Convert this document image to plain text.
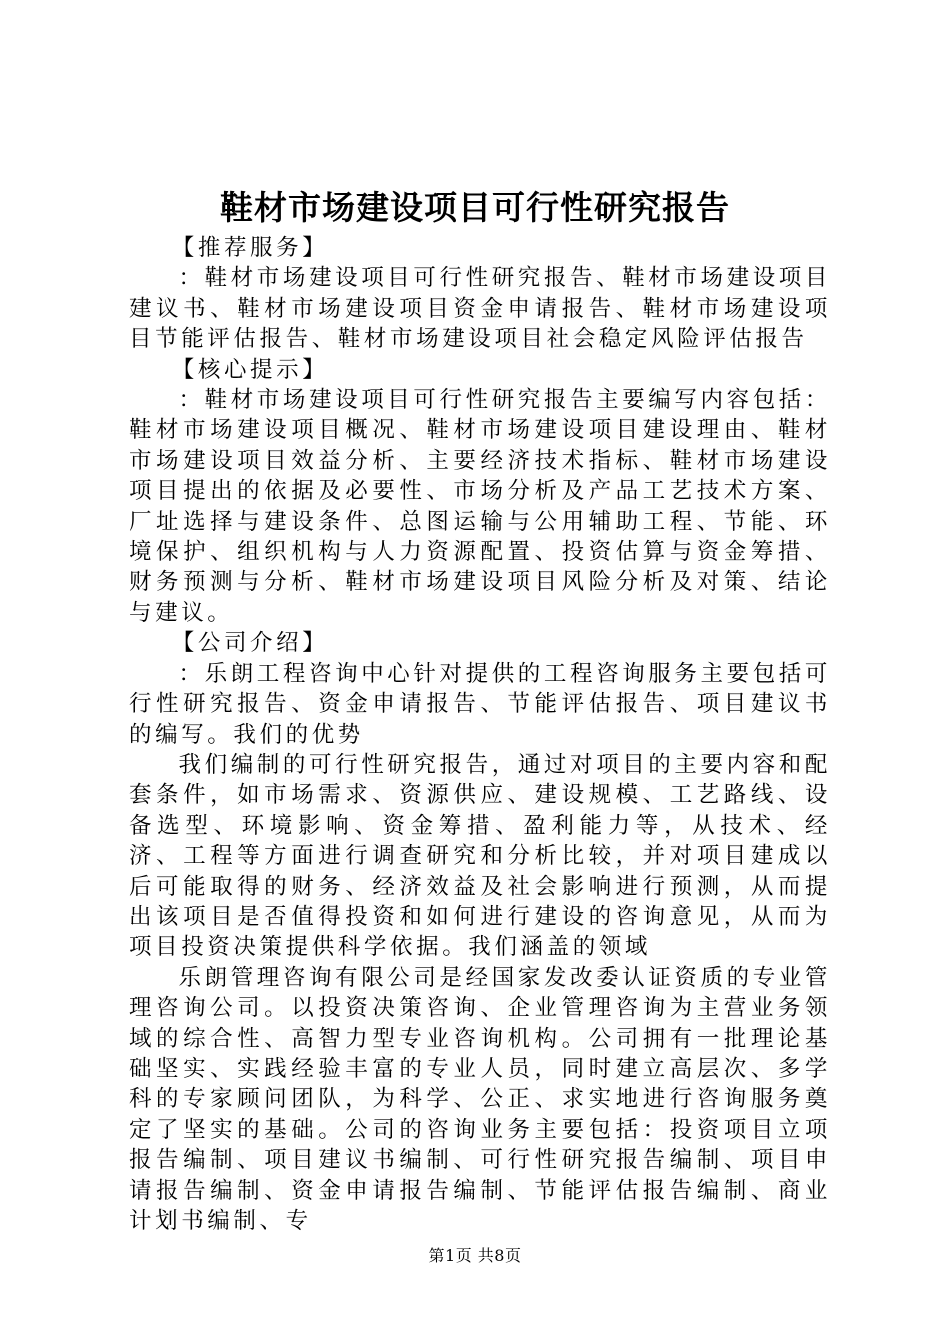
鞋材市场建设项目可行性研究报告

【推荐服务】

：鞋材市场建设项目可行性研究报告、鞋材市场建设项目建议书、鞋材市场建设项目资金申请报告、鞋材市场建设项目节能评估报告、鞋材市场建设项目社会稳定风险评估报告

【核心提示】

：鞋材市场建设项目可行性研究报告主要编写内容包括：鞋材市场建设项目概况、鞋材市场建设项目建设理由、鞋材市场建设项目效益分析、主要经济技术指标、鞋材市场建设项目提出的依据及必要性、市场分析及产品工艺技术方案、厂址选择与建设条件、总图运输与公用辅助工程、节能、环境保护、组织机构与人力资源配置、投资估算与资金筹措、财务预测与分析、鞋材市场建设项目风险分析及对策、结论与建议。

【公司介绍】

：乐朗工程咨询中心针对提供的工程咨询服务主要包括可行性研究报告、资金申请报告、节能评估报告、项目建议书的编写。我们的优势

我们编制的可行性研究报告，通过对项目的主要内容和配套条件，如市场需求、资源供应、建设规模、工艺路线、设备选型、环境影响、资金筹措、盈利能力等，从技术、经济、工程等方面进行调查研究和分析比较，并对项目建成以后可能取得的财务、经济效益及社会影响进行预测，从而提出该项目是否值得投资和如何进行建设的咨询意见，从而为项目投资决策提供科学依据。我们涵盖的领域

乐朗管理咨询有限公司是经国家发改委认证资质的专业管理咨询公司。以投资决策咨询、企业管理咨询为主营业务领域的综合性、高智力型专业咨询机构。公司拥有一批理论基础坚实、实践经验丰富的专业人员，同时建立高层次、多学科的专家顾问团队，为科学、公正、求实地进行咨询服务奠定了坚实的基础。公司的咨询业务主要包括：投资项目立项报告编制、项目建议书编制、可行性研究报告编制、项目申请报告编制、资金申请报告编制、节能评估报告编制、商业计划书编制、专

第1页 共8页
